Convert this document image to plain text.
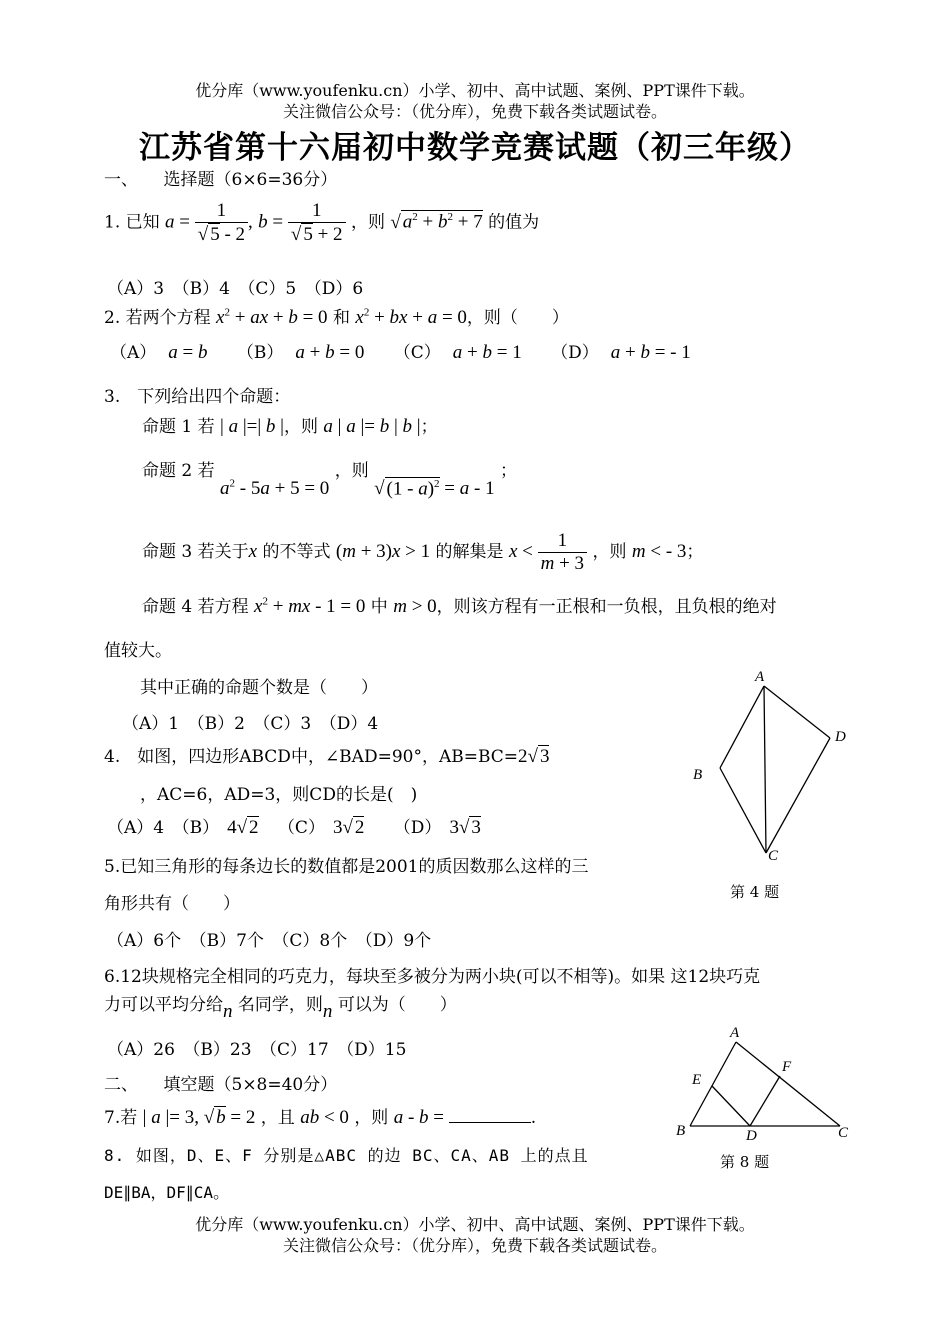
优分库（www.youfenku.cn）小学、初中、高中试题、案例、PPT课件下载。
关注微信公众号：（优分库），免费下载各类试题试卷。
江苏省第十六届初中数学竞赛试题（初三年级）
一、　　选择题（6×6=36分）
1. 已知 $a = \frac{1}{√ 5 - 2}$ , $b = \frac{1}{√ 5 + 2}$ ，则 √ $a^2 + b^2 + 7$ 的值为
（A）3　（B）4　（C）5　（D）6
2. 若两个方程 $x^2$ + ax + b = 0 和 $x^2$ + bx + a = 0，则（　　）
（A） a = b （B） a + b = 0 （C） a + b = 1 （D） a + b = - 1
3.　下列给出四个命题：
命题 1 若 | a |=| b |，则 a | a |= b | b |；
命题 2 若 $a^2 - 5a + 5 = 0$ ，则 √ (1 - a)$^2$ = a - 1 ；
命题 3 若关于x 的不等式 (m + 3)x > 1 的解集是 $x < \frac{1}{m + 3}$ ，则 m < - 3；
命题 4 若方程 $x^2$ + mx - 1 = 0 中 m > 0，则该方程有一正根和一负根，且负根的绝对
值较大。
其中正确的命题个数是（　　）
（A）1　（B）2　（C）3　（D）4
4.　如图，四边形ABCD中，∠BAD=90°，AB=BC=2√ 3
，AC=6，AD=3，则CD的长是(　)
（A）4　（B） 4√ 2 （C） 3√ 2 （D） 3√ 3
A
B
C
D
第 4 题
5.已知三角形的每条边长的数值都是2001的质因数那么这样的三
角形共有（　　）
（A）6个　（B）7个　（C）8个　（D）9个
6.12块规格完全相同的巧克力，每块至多被分为两小块(可以不相等)。如果 这12块巧克
力可以平均分给n 名同学，则n 可以为（　　）
（A）26　（B）23　（C）17　（D）15
二、　　填空题（5×8=40分）
7.若 | a |= 3, √ b = 2 ，且 ab < 0 ，则 a - b =	.
8. 如图，D、E、F 分别是△ABC 的边 BC、CA、AB 上的点且
DE∥BA，DF∥CA。
A
B	C
D
E
F
第 8 题
优分库（www.youfenku.cn）小学、初中、高中试题、案例、PPT课件下载。
关注微信公众号：（优分库），免费下载各类试题试卷。
